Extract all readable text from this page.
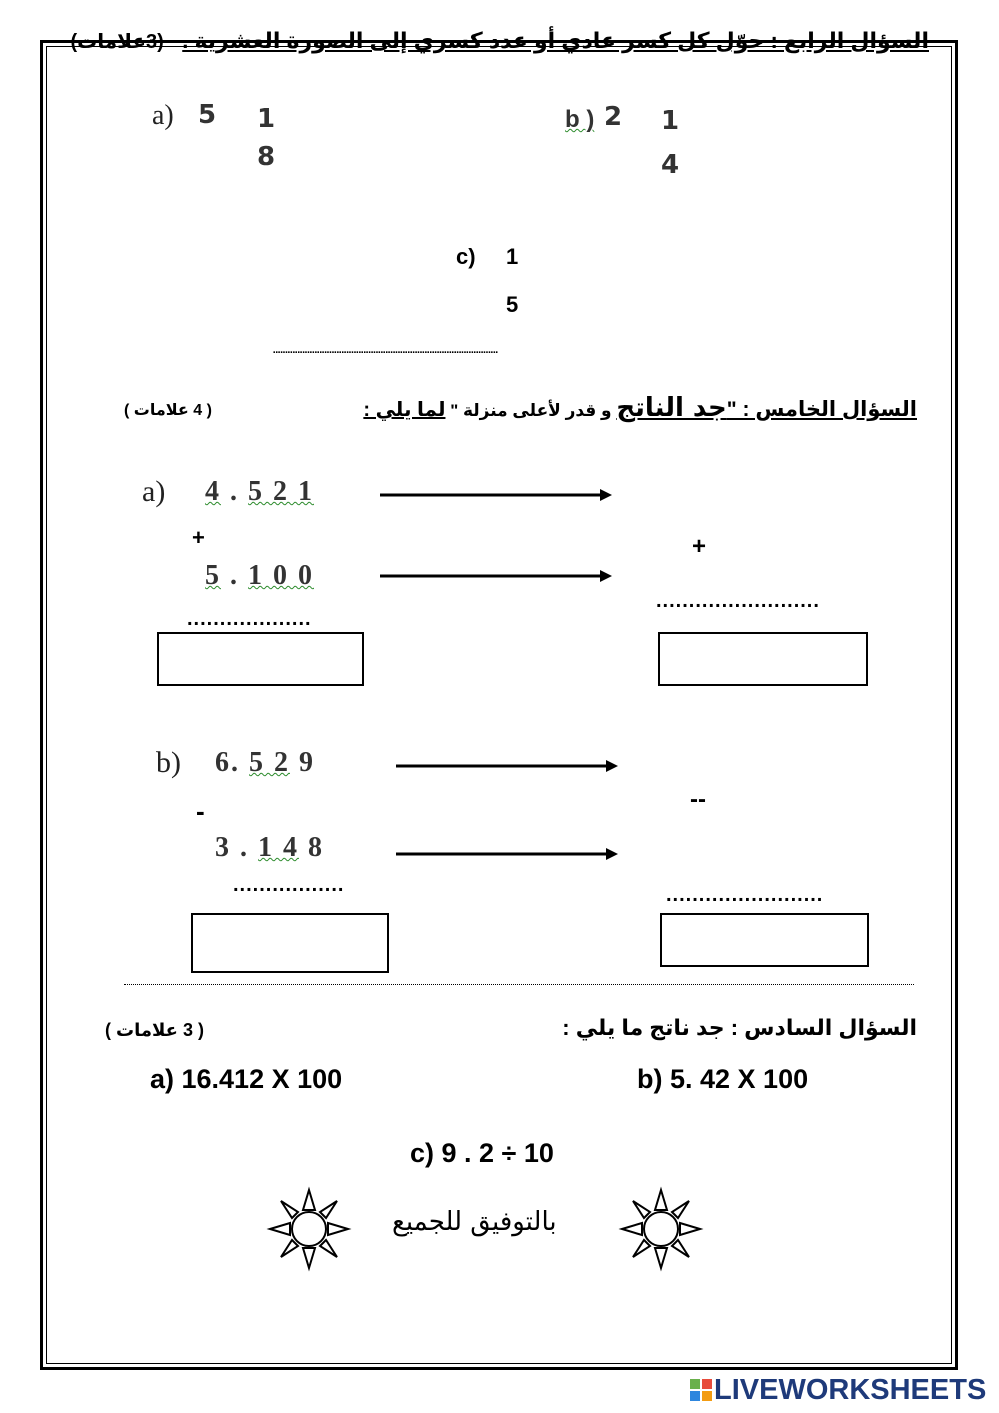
السؤال الرابع : حوّل كل كسر عادي أو عدد كسري إلى الصورة العشرية . (3علامات)
a) 5 1
8
b ) 2 1
4
c) 1
5
............................................................................................
السؤال الخامس : "جد الناتج و قدر لأعلى منزلة " لما يلي :
( 4 علامات )
a) 4 . 5 2 1
+
5 . 1 0 0
+
.........................
...................
b) 6. 5 2 9
-
3 . 1 4 8
--
.................	........................
السؤال السادس : جد ناتج ما يلي :
( 3 علامات )
a) 16.412 X 100	b) 5. 42 X 100
c) 9 . 2 ÷ 10
بالتوفيق للجميع
LIVEWORKSHEETS
